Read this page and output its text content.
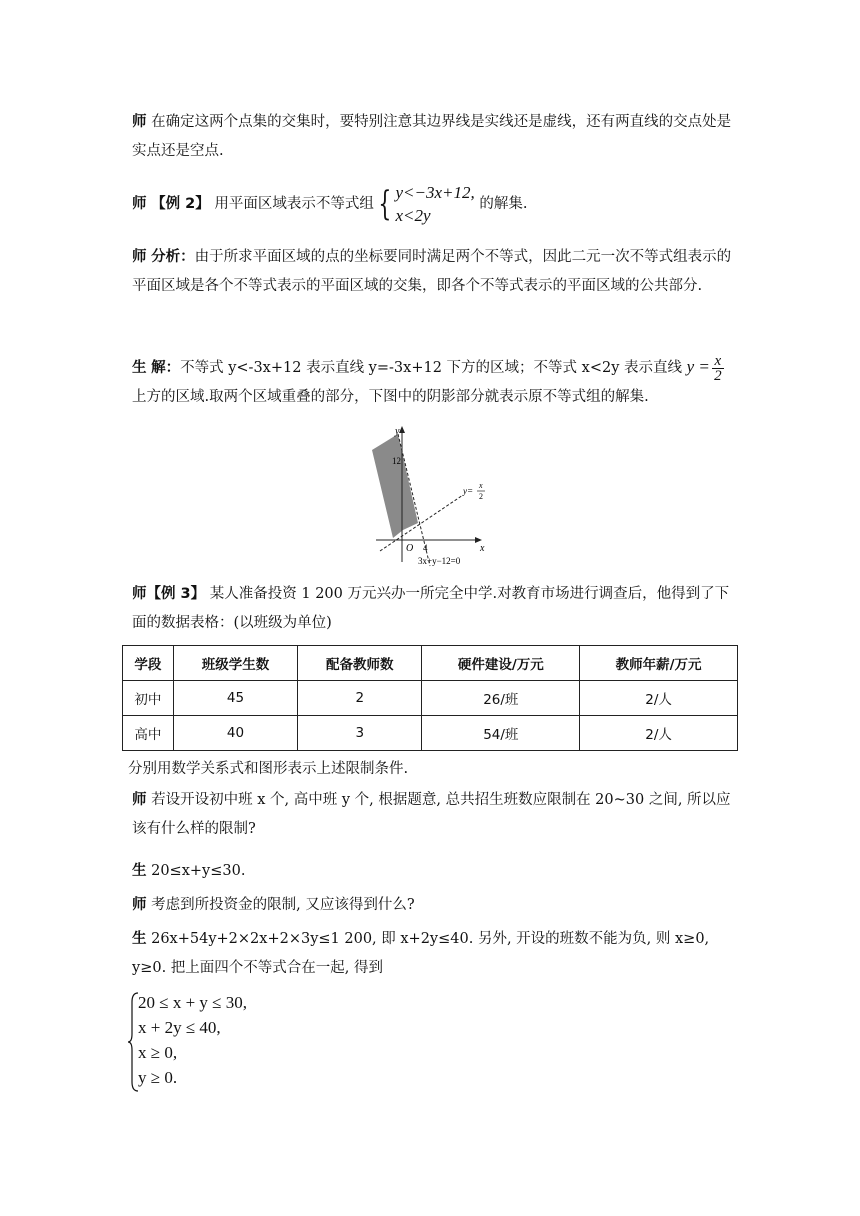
师 在确定这两个点集的交集时，要特别注意其边界线是实线还是虚线，还有两直线的交点处是实点还是空点.
师 【例 2】 用平面区域表示不等式组 { y<−3x+12,
x<2y
的解集.
师 分析：由于所求平面区域的点的坐标要同时满足两个不等式，因此二元一次不等式组表示的平面区域是各个不等式表示的平面区域的交集，即各个不等式表示的平面区域的公共部分.
生 解：不等式 y<-3x+12 表示直线 y=-3x+12 下方的区域；不等式 x<2y 表示直线 $y = \frac{x}{2}$
上方的区域.取两个区域重叠的部分，下图中的阴影部分就表示原不等式组的解集.
y
x
O
12
4
3x+y−12=0
y=
x
2
师【例 3】 某人准备投资 1 200 万元兴办一所完全中学.对教育市场进行调查后，他得到了下面的数据表格：(以班级为单位)
学段	班级学生数	配备教师数	硬件建设/万元	教师年薪/万元
初中	45	2	26/班	2/人
高中	40	3	54/班	2/人
分别用数学关系式和图形表示上述限制条件.
师 若设开设初中班 x 个, 高中班 y 个, 根据题意, 总共招生班数应限制在 20~30 之间, 所以应该有什么样的限制?
生 20≤x+y≤30.
师 考虑到所投资金的限制, 又应该得到什么?
生 26x+54y+2×2x+2×3y≤1 200, 即 x+2y≤40. 另外, 开设的班数不能为负, 则 x≥0, y≥0. 把上面四个不等式合在一起, 得到
20 ≤ x + y ≤ 30,
x + 2y ≤ 40,
x ≥ 0,
y ≥ 0.
